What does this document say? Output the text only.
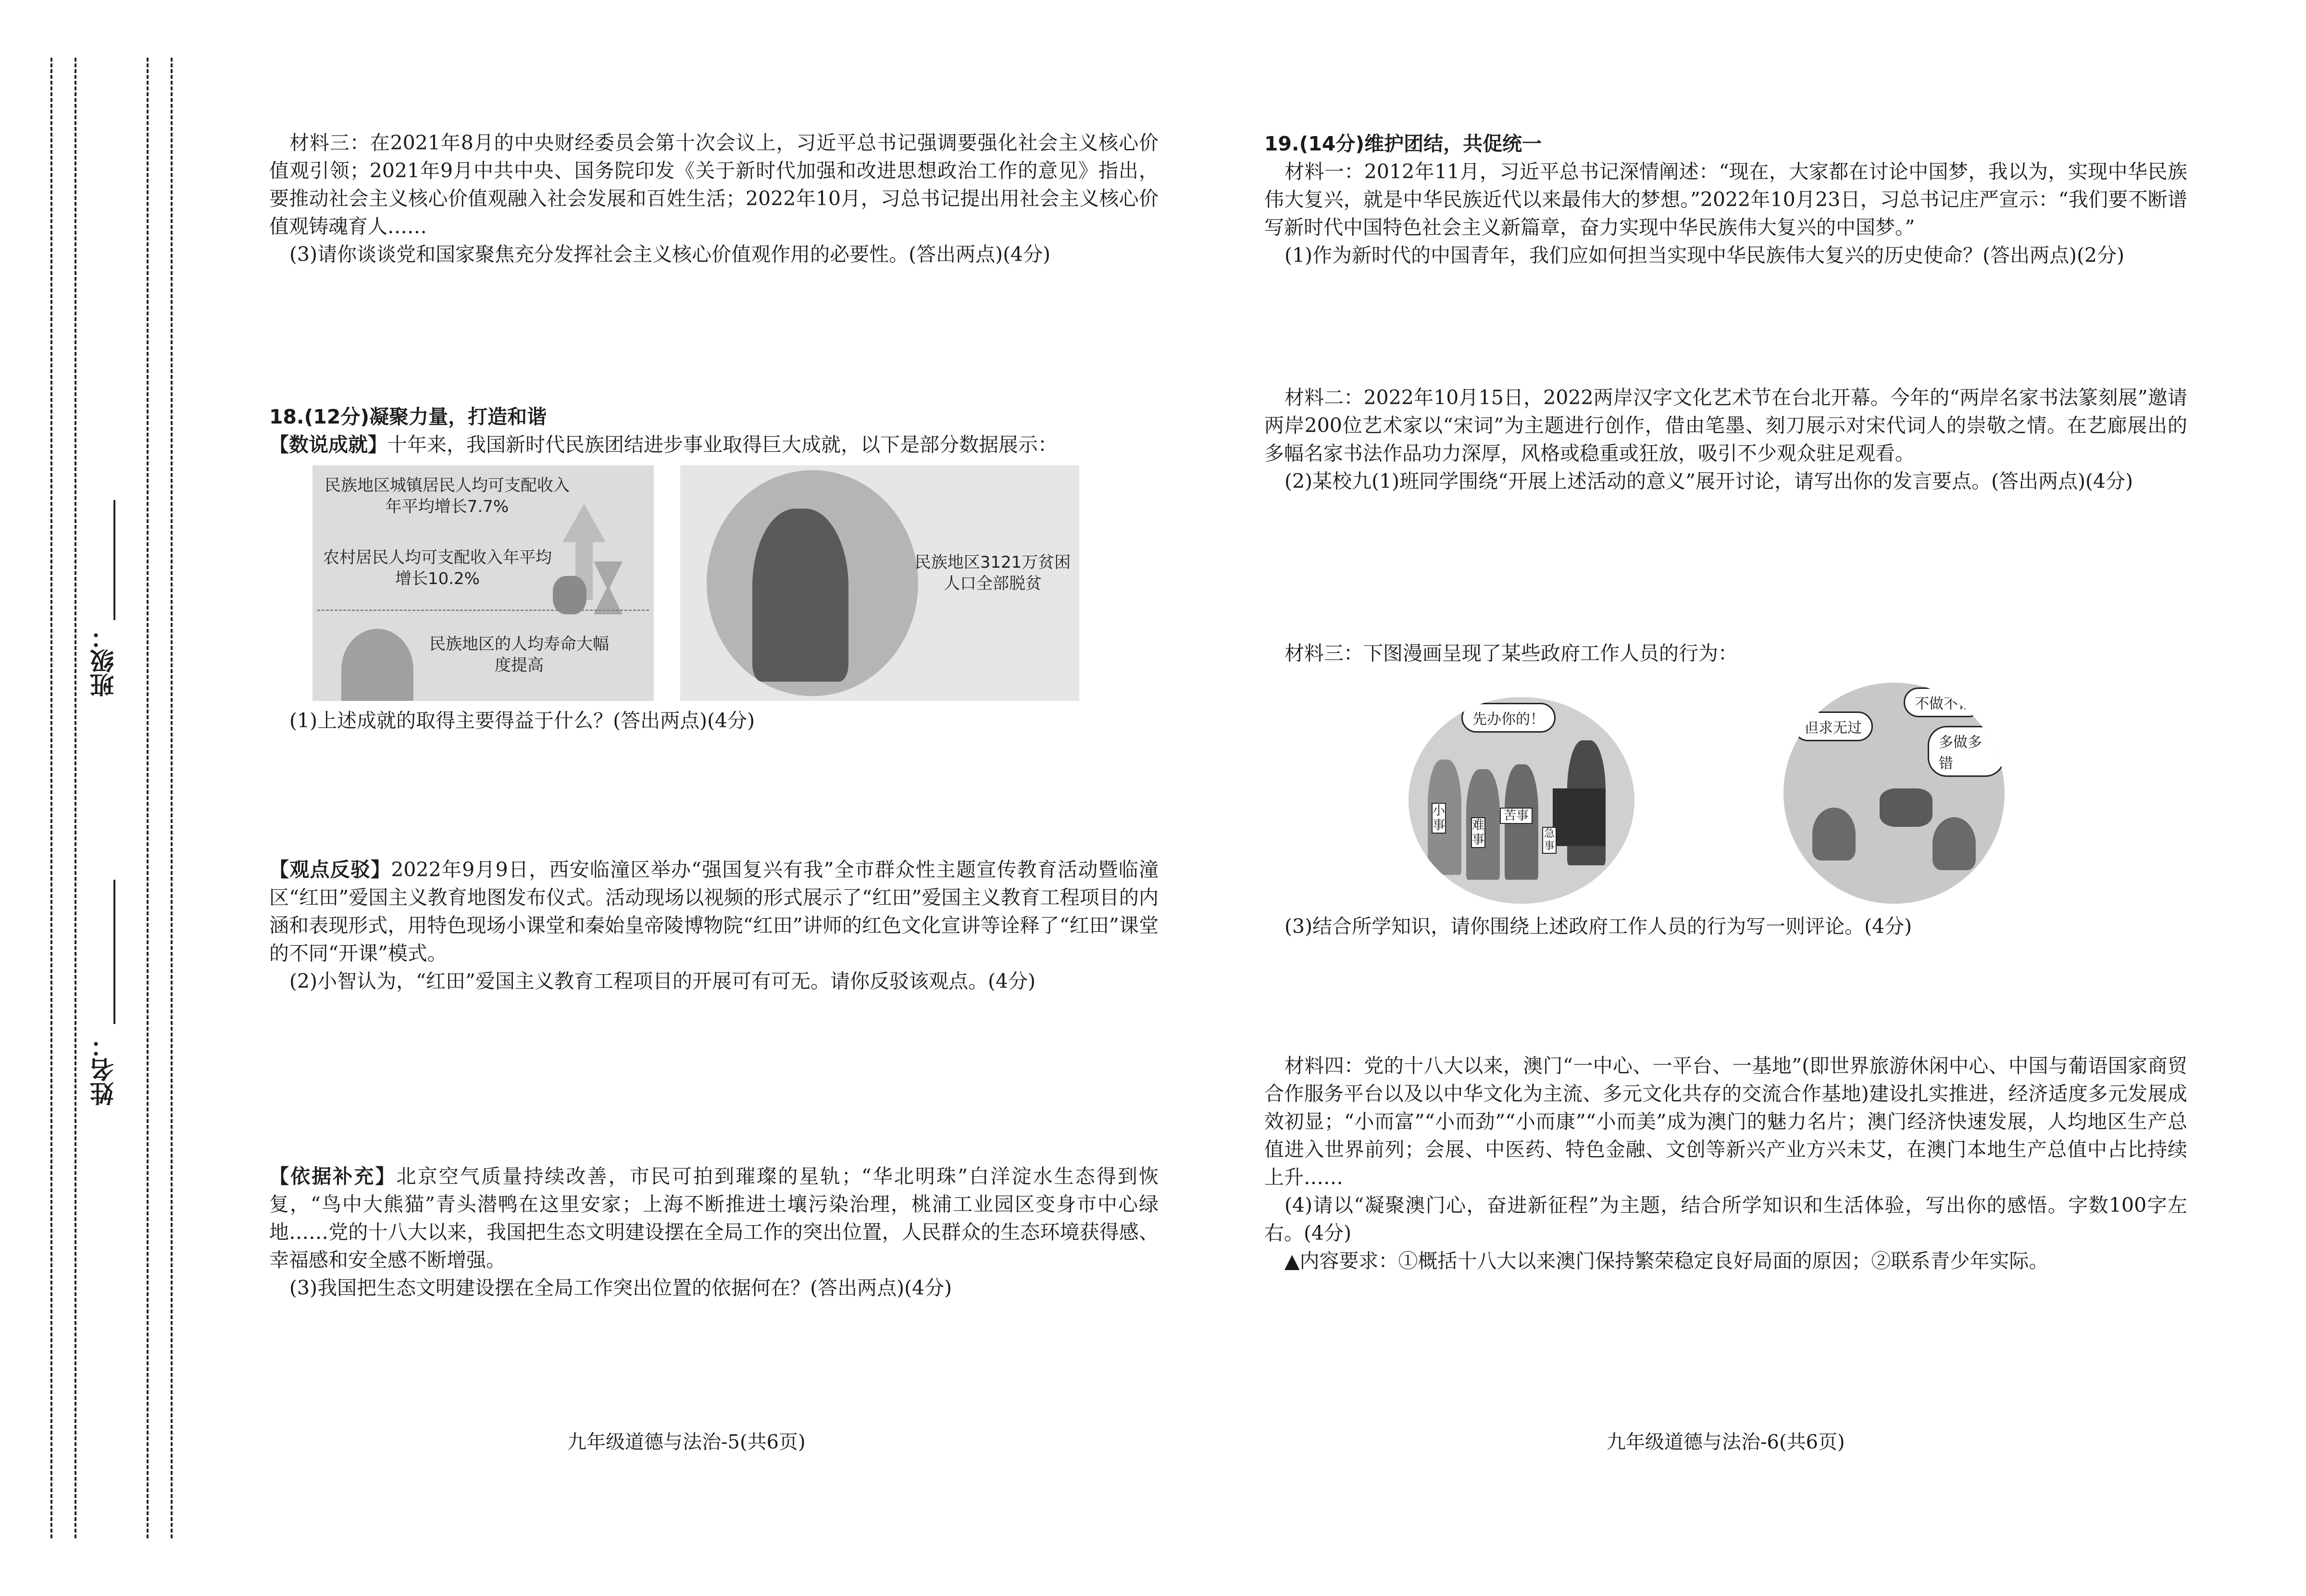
班级：
姓名：

材料三：在2021年8月的中央财经委员会第十次会议上，习近平总书记强调要强化社会主义核心价值观引领；2021年9月中共中央、国务院印发《关于新时代加强和改进思想政治工作的意见》指出，要推动社会主义核心价值观融入社会发展和百姓生活；2022年10月，习总书记提出用社会主义核心价值观铸魂育人……

(3)请你谈谈党和国家聚焦充分发挥社会主义核心价值观作用的必要性。(答出两点)(4分)

18.(12分)凝聚力量，打造和谐

【数说成就】十年来，我国新时代民族团结进步事业取得巨大成就，以下是部分数据展示：

民族地区城镇居民人均可支配收入年平均增长7.7%
农村居民人均可支配收入年平均增长10.2%
民族地区的人均寿命大幅度提高
民族地区3121万贫困人口全部脱贫

(1)上述成就的取得主要得益于什么？(答出两点)(4分)

【观点反驳】2022年9月9日，西安临潼区举办“强国复兴有我”全市群众性主题宣传教育活动暨临潼区“红田”爱国主义教育地图发布仪式。活动现场以视频的形式展示了“红田”爱国主义教育工程项目的内涵和表现形式，用特色现场小课堂和秦始皇帝陵博物院“红田”讲师的红色文化宣讲等诠释了“红田”课堂的不同“开课”模式。

(2)小智认为，“红田”爱国主义教育工程项目的开展可有可无。请你反驳该观点。(4分)

【依据补充】北京空气质量持续改善，市民可拍到璀璨的星轨；“华北明珠”白洋淀水生态得到恢复，“鸟中大熊猫”青头潜鸭在这里安家；上海不断推进土壤污染治理，桃浦工业园区变身市中心绿地……党的十八大以来，我国把生态文明建设摆在全局工作的突出位置，人民群众的生态环境获得感、幸福感和安全感不断增强。

(3)我国把生态文明建设摆在全局工作突出位置的依据何在？(答出两点)(4分)

九年级道德与法治-5(共6页)

19.(14分)维护团结，共促统一

材料一：2012年11月，习近平总书记深情阐述：“现在，大家都在讨论中国梦，我以为，实现中华民族伟大复兴，就是中华民族近代以来最伟大的梦想。”2022年10月23日，习总书记庄严宣示：“我们要不断谱写新时代中国特色社会主义新篇章，奋力实现中华民族伟大复兴的中国梦。”

(1)作为新时代的中国青年，我们应如何担当实现中华民族伟大复兴的历史使命？(答出两点)(2分)

材料二：2022年10月15日，2022两岸汉字文化艺术节在台北开幕。今年的“两岸名家书法篆刻展”邀请两岸200位艺术家以“宋词”为主题进行创作，借由笔墨、刻刀展示对宋代词人的崇敬之情。在艺廊展出的多幅名家书法作品功力深厚，风格或稳重或狂放，吸引不少观众驻足观看。

(2)某校九(1)班同学围绕“开展上述活动的意义”展开讨论，请写出你的发言要点。(答出两点)(4分)

材料三：下图漫画呈现了某些政府工作人员的行为：

先办你的！
小事 难事
苦事
急事
不做不错
但求无过
多做多错

(3)结合所学知识，请你围绕上述政府工作人员的行为写一则评论。(4分)

材料四：党的十八大以来，澳门“一中心、一平台、一基地”(即世界旅游休闲中心、中国与葡语国家商贸合作服务平台以及以中华文化为主流、多元文化共存的交流合作基地)建设扎实推进，经济适度多元发展成效初显；“小而富”“小而劲”“小而康”“小而美”成为澳门的魅力名片；澳门经济快速发展，人均地区生产总值进入世界前列；会展、中医药、特色金融、文创等新兴产业方兴未艾，在澳门本地生产总值中占比持续上升……

(4)请以“凝聚澳门心，奋进新征程”为主题，结合所学知识和生活体验，写出你的感悟。字数100字左右。(4分)

▲内容要求：①概括十八大以来澳门保持繁荣稳定良好局面的原因；②联系青少年实际。

九年级道德与法治-6(共6页)
